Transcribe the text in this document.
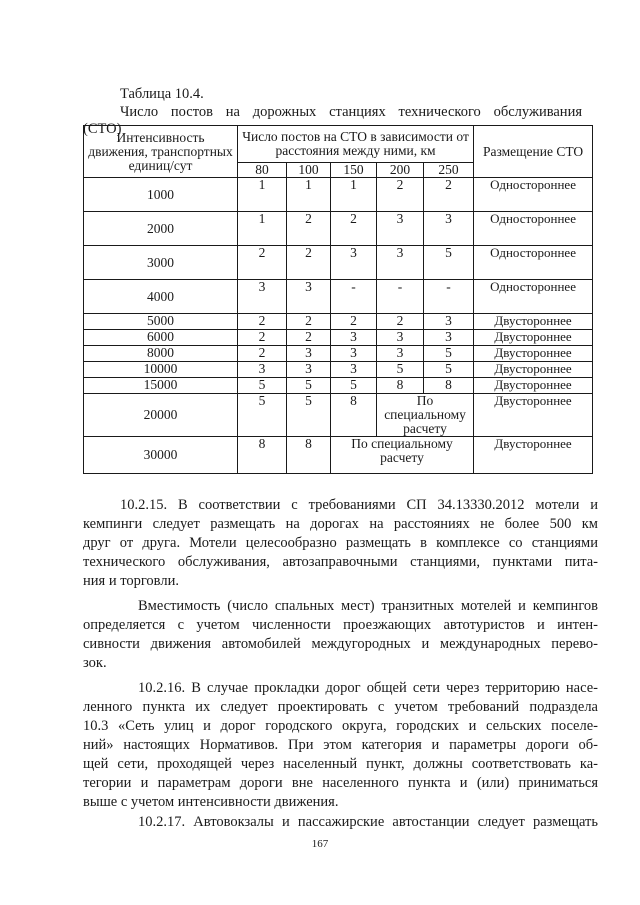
Таблица 10.4.
Число постов на дорожных станциях технического обслуживания
(СТО)
Интенсивность движения, транспортных единиц/сут	Число постов на СТО в зависимости от расстояния между ними, км					Размещение СТО
	80	100	150	200	250	
1000	1	1	1	2	2	Одностороннее
2000	1	2	2	3	3	Одностороннее
3000	2	2	3	3	5	Одностороннее
4000	3	3	-	-	-	Одностороннее
5000	2	2	2	2	3	Двустороннее
6000	2	2	3	3	3	Двустороннее
8000	2	3	3	3	5	Двустороннее
10000	3	3	3	5	5	Двустороннее
15000	5	5	5	8	8	Двустороннее
20000	5	5	8	По специальному расчету		Двустороннее
30000	8	8	По специальному расчету			Двустороннее
10.2.15. В соответствии с требованиями СП 34.13330.2012 мотели и
кемпинги следует размещать на дорогах на расстояниях не более 500 км
друг от друга. Мотели целесообразно размещать в комплексе со станциями
технического обслуживания, автозаправочными станциями, пунктами пита-
ния и торговли.
Вместимость (число спальных мест) транзитных мотелей и кемпингов
определяется с учетом численности проезжающих автотуристов и интен-
сивности движения автомобилей междугородных и международных перево-
зок.
10.2.16. В случае прокладки дорог общей сети через территорию насе-
ленного пункта их следует проектировать с учетом требований подраздела
10.3 «Сеть улиц и дорог городского округа, городских и сельских поселе-
ний» настоящих Нормативов. При этом категория и параметры дороги об-
щей сети, проходящей через населенный пункт, должны соответствовать ка-
тегории и параметрам дороги вне населенного пункта и (или) приниматься
выше с учетом интенсивности движения.
10.2.17. Автовокзалы и пассажирские автостанции следует размещать
167
